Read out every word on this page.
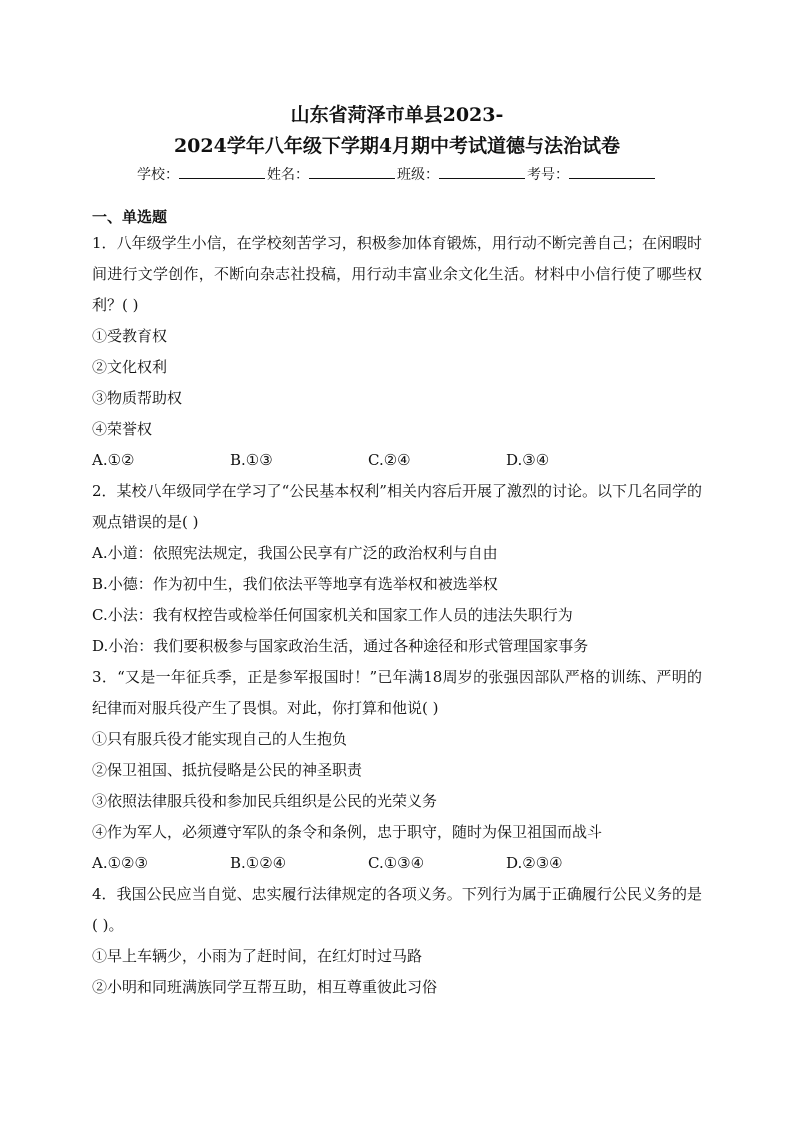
山东省菏泽市单县2023-
2024学年八年级下学期4月期中考试道德与法治试卷
学校：	姓名：	班级：	考号：
一、单选题

1．八年级学生小信，在学校刻苦学习，积极参加体育锻炼，用行动不断完善自己；在闲暇时间进行文学创作，不断向杂志社投稿，用行动丰富业余文化生活。材料中小信行使了哪些权利？( )

①受教育权

②文化权利

③物质帮助权

④荣誉权

A.①②	B.①③	C.②④	D.③④

2．某校八年级同学在学习了“公民基本权利”相关内容后开展了激烈的讨论。以下几名同学的观点错误的是( )

A.小道：依照宪法规定，我国公民享有广泛的政治权利与自由

B.小德：作为初中生，我们依法平等地享有选举权和被选举权

C.小法：我有权控告或检举任何国家机关和国家工作人员的违法失职行为

D.小治：我们要积极参与国家政治生活，通过各种途径和形式管理国家事务

3．“又是一年征兵季，正是参军报国时！”已年满18周岁的张强因部队严格的训练、严明的纪律而对服兵役产生了畏惧。对此，你打算和他说( )

①只有服兵役才能实现自己的人生抱负

②保卫祖国、抵抗侵略是公民的神圣职责

③依照法律服兵役和参加民兵组织是公民的光荣义务

④作为军人，必须遵守军队的条令和条例，忠于职守，随时为保卫祖国而战斗

A.①②③	B.①②④	C.①③④	D.②③④

4．我国公民应当自觉、忠实履行法律规定的各项义务。下列行为属于正确履行公民义务的是( )。

①早上车辆少，小雨为了赶时间，在红灯时过马路

②小明和同班满族同学互帮互助，相互尊重彼此习俗
